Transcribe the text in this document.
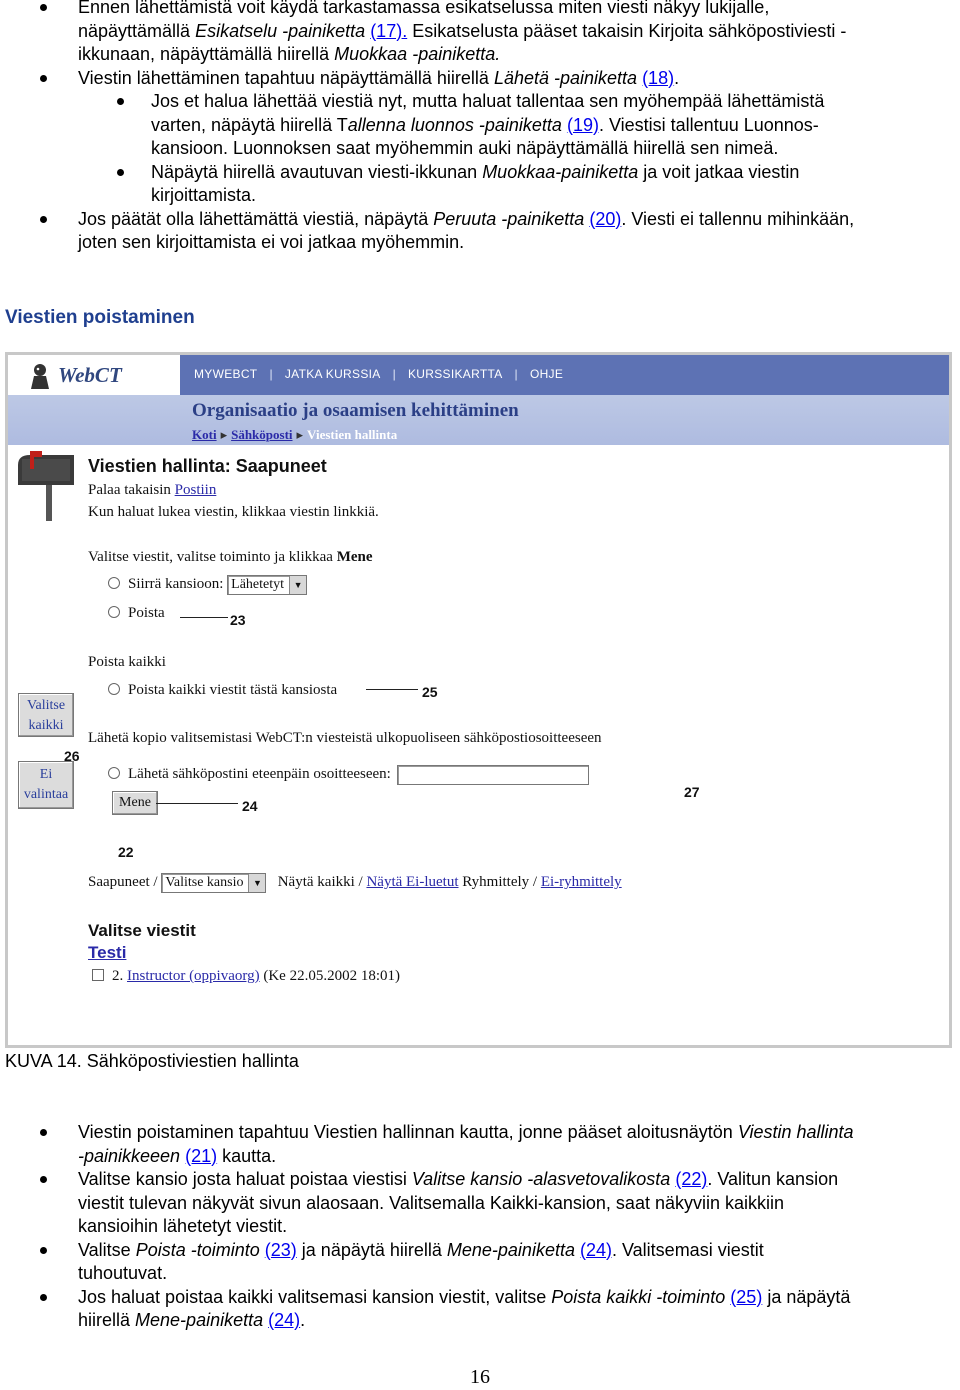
Ennen lähettämistä voit käydä tarkastamassa esikatselussa miten viesti näkyy lukijalle,
näpäyttämällä Esikatselu -painiketta (17). Esikatselusta pääset takaisin Kirjoita sähköpostiviesti -
ikkunaan, näpäyttämällä hiirellä Muokkaa -painiketta.
Viestin lähettäminen tapahtuu näpäyttämällä hiirellä Lähetä -painiketta (18).
Jos et halua lähettää viestiä nyt, mutta haluat tallentaa sen myöhempää lähettämistä
varten, näpäytä hiirellä Tallenna luonnos -painiketta (19). Viestisi tallentuu Luonnos-
kansioon. Luonnoksen saat myöhemmin auki näpäyttämällä hiirellä sen nimeä.
Näpäytä hiirellä avautuvan viesti-ikkunan Muokkaa-painiketta ja voit jatkaa viestin
kirjoittamista.
Jos päätät olla lähettämättä viestiä, näpäytä Peruuta -painiketta (20). Viesti ei tallennu mihinkään,
joten sen kirjoittamista ei voi jatkaa myöhemmin.
Viestien poistaminen
WebCT	MYWEBCT | JATKA KURSSIA | KURSSIKARTTA | OHJE
Organisaatio ja osaamisen kehittäminen
Koti ▸ Sähköposti ▸ Viestien hallinta
Viestien hallinta: Saapuneet
Palaa takaisin Postiin
Kun haluat lukea viestin, klikkaa viestin linkkiä.
Valitse viestit, valitse toiminto ja klikkaa Mene
Siirrä kansioon: Lähetetyt	▼
Poista
Poista kaikki
Poista kaikki viestit tästä kansiosta
Lähetä kopio valitsemistasi WebCT:n viesteistä ulkopuoliseen sähköpostiosoitteeseen
Lähetä sähköpostini eteenpäin osoitteeseen:
Mene
Valitse
kaikki
Ei
valintaa
Saapuneet / Valitse kansio	▼ Näytä kaikki / Näytä Ei-luetut Ryhmittely / Ei-ryhmittely
Valitse viestit
Testi
2. Instructor (oppivaorg) (Ke 22.05.2002 18:01)
23
25
26
24
27
22
KUVA 14. Sähköpostiviestien hallinta
Viestin poistaminen tapahtuu Viestien hallinnan kautta, jonne pääset aloitusnäytön Viestin hallinta
-painikkeeen (21) kautta.
Valitse kansio josta haluat poistaa viestisi Valitse kansio -alasvetovalikosta (22). Valitun kansion
viestit tulevan näkyvät sivun alaosaan. Valitsemalla Kaikki-kansion, saat näkyviin kaikkiin
kansioihin lähetetyt viestit.
Valitse Poista -toiminto (23) ja näpäytä hiirellä Mene-painiketta (24). Valitsemasi viestit
tuhoutuvat.
Jos haluat poistaa kaikki valitsemasi kansion viestit, valitse Poista kaikki -toiminto (25) ja näpäytä
hiirellä Mene-painiketta (24).
16
